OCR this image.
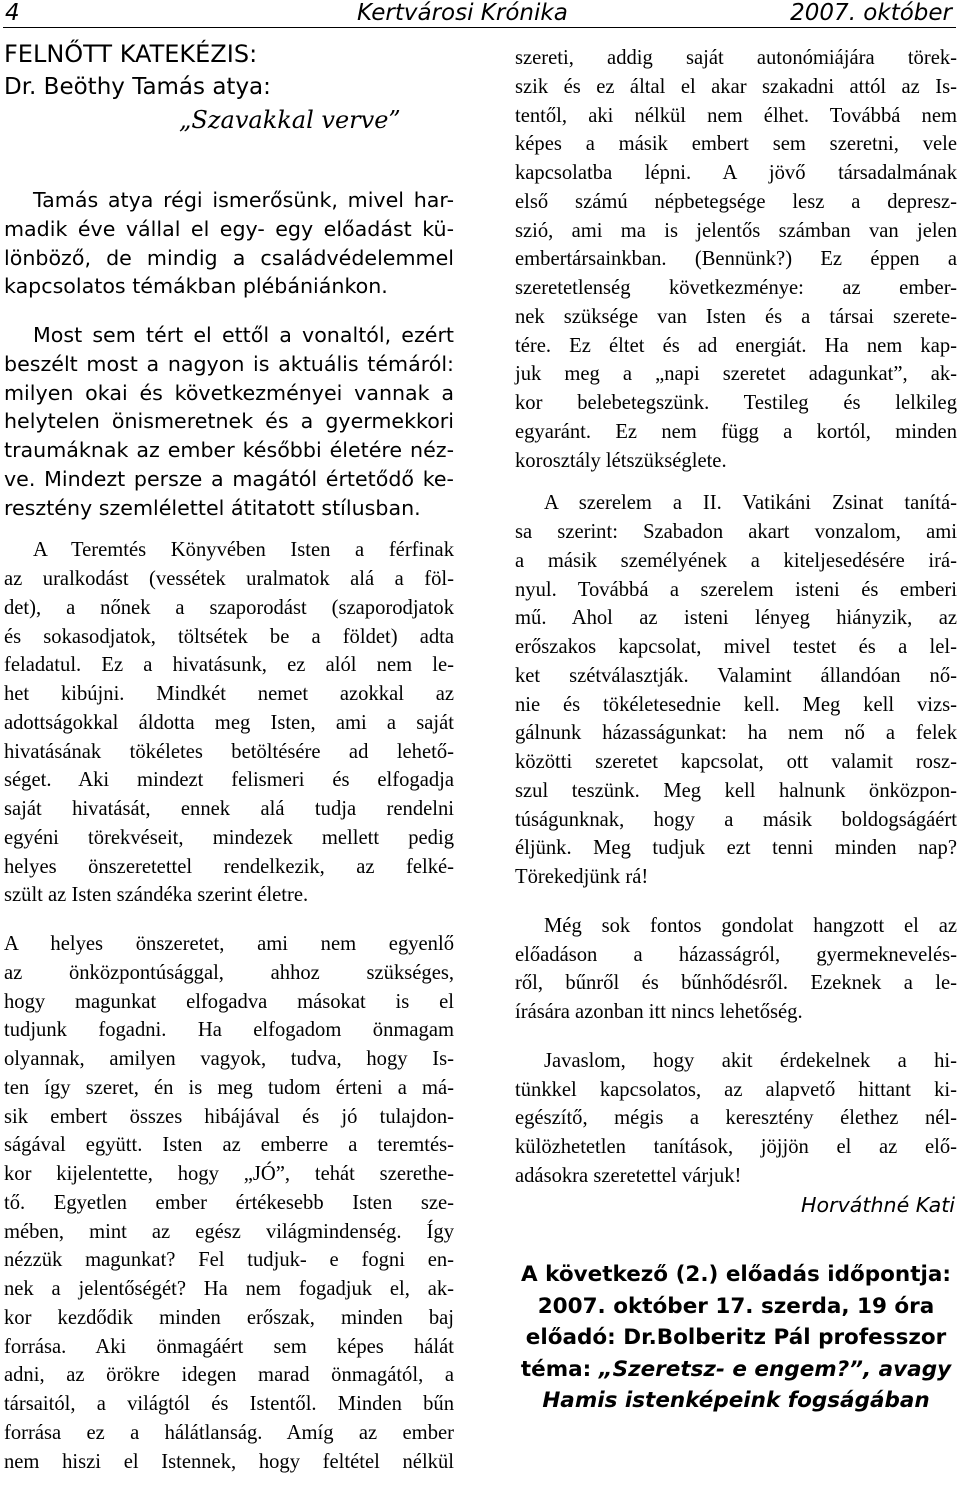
4	Kertvárosi Krónika	2007. október
FELNŐTT KATEKÉZIS:
Dr. Beöthy Tamás atya:
„Szavakkal verve”
Tamás atya régi ismerősünk, mivel har-
madik éve vállal el egy- egy előadást kü-
lönböző, de mindig a családvédelemmel
kapcsolatos témákban plébániánkon.
Most sem tért el ettől a vonaltól, ezért
beszélt most a nagyon is aktuális témáról:
milyen okai és következményei vannak a
helytelen önismeretnek és a gyermekkori
traumáknak az ember későbbi életére néz-
ve. Mindezt persze a magától értetődő ke-
resztény szemlélettel átitatott stílusban.
A Teremtés Könyvében Isten a férfinak
az uralkodást (vessétek uralmatok alá a föl-
det), a nőnek a szaporodást (szaporodjatok
és sokasodjatok, töltsétek be a földet) adta
feladatul. Ez a hivatásunk, ez alól nem le-
het kibújni. Mindkét nemet azokkal az
adottságokkal áldotta meg Isten, ami a saját
hivatásának tökéletes betöltésére ad lehető-
séget. Aki mindezt felismeri és elfogadja
saját hivatását, ennek alá tudja rendelni
egyéni törekvéseit, mindezek mellett pedig
helyes önszeretettel rendelkezik, az felké-
szült az Isten szándéka szerint életre.
A helyes önszeretet, ami nem egyenlő
az önközpontúsággal, ahhoz szükséges,
hogy magunkat elfogadva másokat is el
tudjunk fogadni. Ha elfogadom önmagam
olyannak, amilyen vagyok, tudva, hogy Is-
ten így szeret, én is meg tudom érteni a má-
sik embert összes hibájával és jó tulajdon-
ságával együtt. Isten az emberre a teremtés-
kor kijelentette, hogy „JÓ”, tehát szerethe-
tő. Egyetlen ember értékesebb Isten sze-
mében, mint az egész világmindenség. Így
nézzük magunkat? Fel tudjuk- e fogni en-
nek a jelentőségét? Ha nem fogadjuk el, ak-
kor kezdődik minden erőszak, minden baj
forrása. Aki önmagáért sem képes hálát
adni, az örökre idegen marad önmagától, a
társaitól, a világtól és Istentől. Minden bűn
forrása ez a hálátlanság. Amíg az ember
nem hiszi el Istennek, hogy feltétel nélkül
szereti, addig saját autonómiájára törek-
szik és ez által el akar szakadni attól az Is-
tentől, aki nélkül nem élhet. Továbbá nem
képes a másik embert sem szeretni, vele
kapcsolatba lépni. A jövő társadalmának
első számú népbetegsége lesz a depresz-
szió, ami ma is jelentős számban van jelen
embertársainkban. (Bennünk?) Ez éppen a
szeretetlenség következménye: az ember-
nek szüksége van Isten és a társai szerete-
tére. Ez éltet és ad energiát. Ha nem kap-
juk meg a „napi szeretet adagunkat”, ak-
kor belebetegszünk. Testileg és lelkileg
egyaránt. Ez nem függ a kortól, minden
korosztály létszükséglete.
A szerelem a II. Vatikáni Zsinat tanítá-
sa szerint: Szabadon akart vonzalom, ami
a másik személyének a kiteljesedésére irá-
nyul. Továbbá a szerelem isteni és emberi
mű. Ahol az isteni lényeg hiányzik, az
erőszakos kapcsolat, mivel testet és a lel-
ket szétválasztják. Valamint állandóan nő-
nie és tökéletesednie kell. Meg kell vizs-
gálnunk házasságunkat: ha nem nő a felek
közötti szeretet kapcsolat, ott valamit rosz-
szul teszünk. Meg kell halnunk önközpon-
túságunknak, hogy a másik boldogságáért
éljünk. Meg tudjuk ezt tenni minden nap?
Törekedjünk rá!
Még sok fontos gondolat hangzott el az
előadáson a házasságról, gyermeknevelés-
ről, bűnről és bűnhődésről. Ezeknek a le-
írására azonban itt nincs lehetőség.
Javaslom, hogy akit érdekelnek a hi-
tünkkel kapcsolatos, az alapvető hittant ki-
egészítő, mégis a keresztény élethez nél-
külözhetetlen tanítások, jöjjön el az elő-
adásokra szeretettel várjuk!
Horváthné Kati
A következő (2.) előadás időpontja:
2007. október 17. szerda, 19 óra
előadó: Dr.Bolberitz Pál professzor
téma: „Szeretsz- e engem?”, avagy
Hamis istenképeink fogságában
